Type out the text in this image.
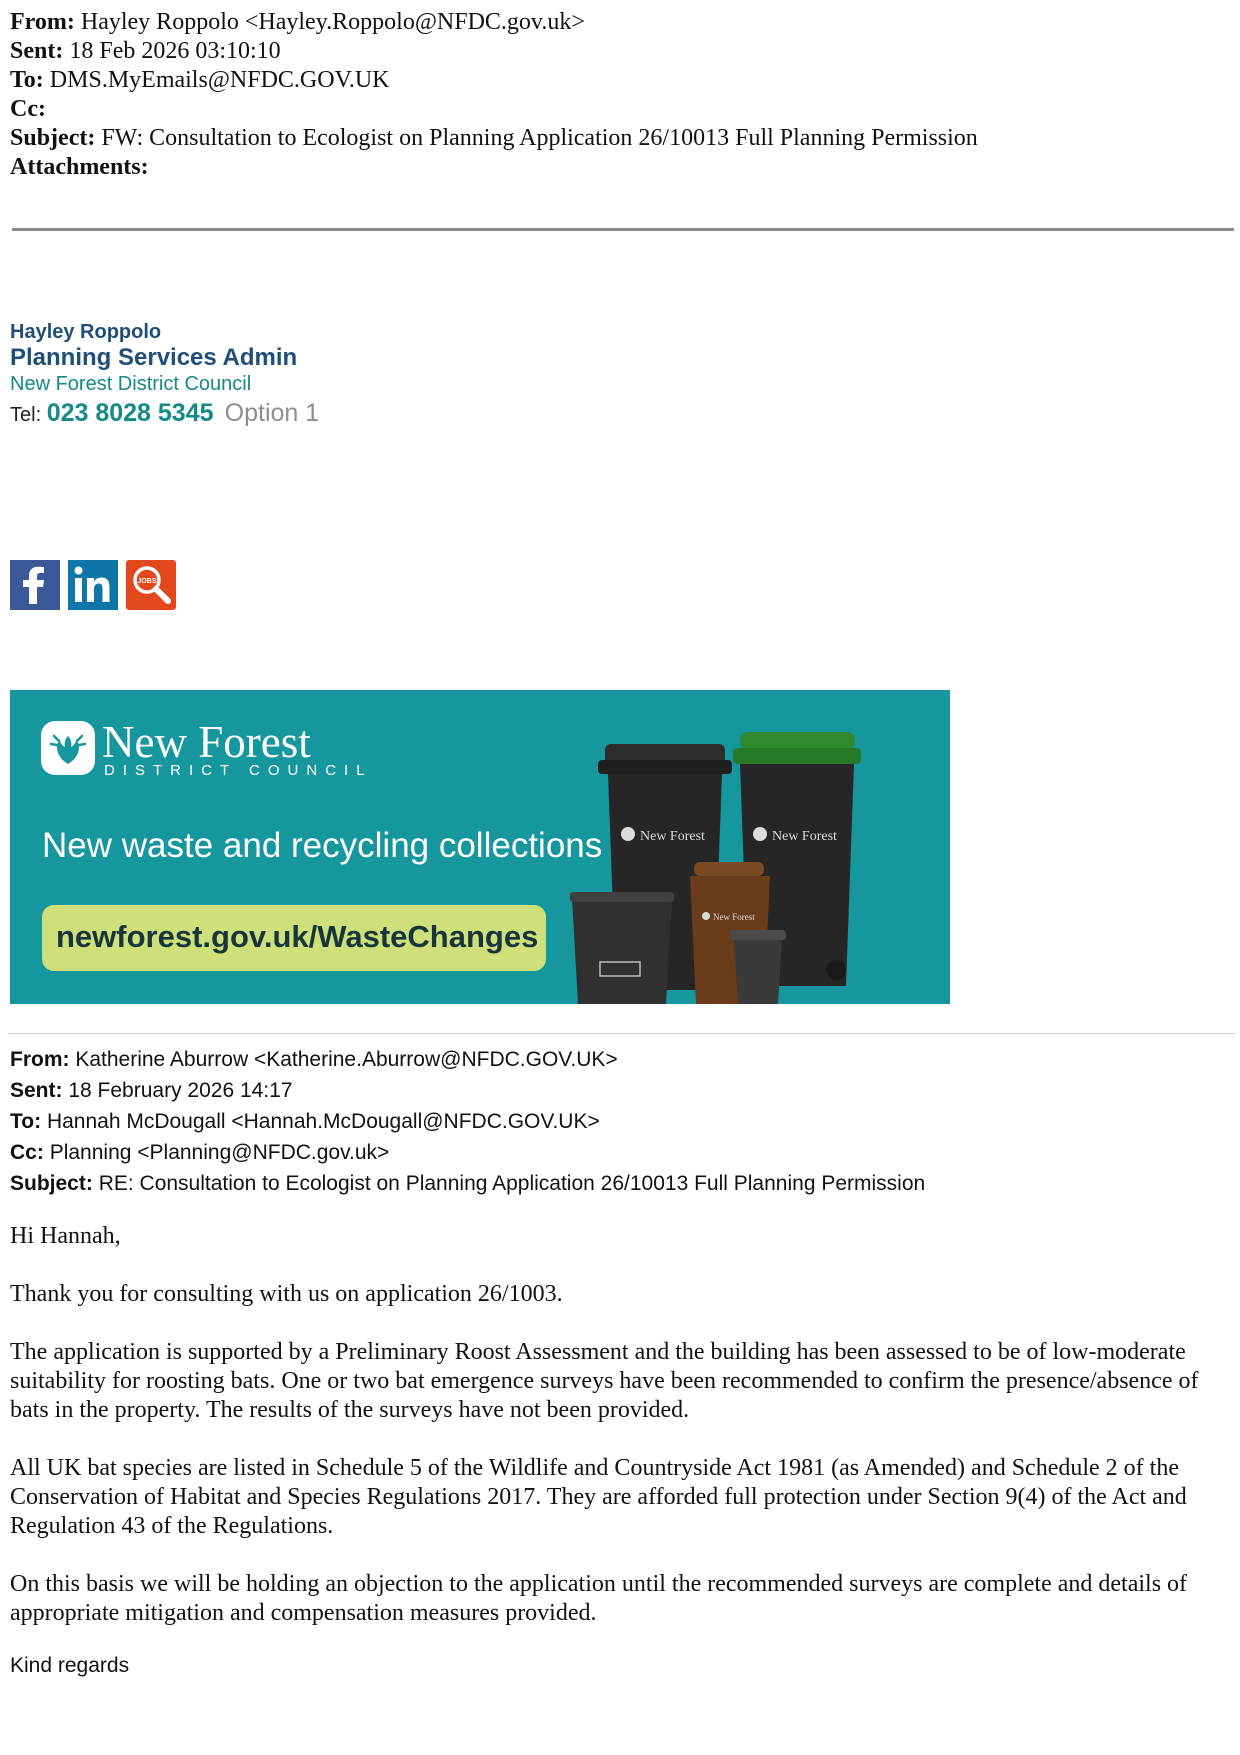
From: Hayley Roppolo <Hayley.Roppolo@NFDC.gov.uk>
Sent: 18 Feb 2026 03:10:10
To: DMS.MyEmails@NFDC.GOV.UK
Cc:
Subject: FW: Consultation to Ecologist on Planning Application 26/10013 Full Planning Permission
Attachments:
Hayley Roppolo
Planning Services Admin
New Forest District Council
Tel: 023 8028 5345 Option 1
JOBS
New Forest
DISTRICT COUNCIL
New waste and recycling collections
newforest.gov.uk/WasteChanges
New Forest	New Forest
New Forest
From: Katherine Aburrow <Katherine.Aburrow@NFDC.GOV.UK>
Sent: 18 February 2026 14:17
To: Hannah McDougall <Hannah.McDougall@NFDC.GOV.UK>
Cc: Planning <Planning@NFDC.gov.uk>
Subject: RE: Consultation to Ecologist on Planning Application 26/10013 Full Planning Permission

Hi Hannah,

Thank you for consulting with us on application 26/1003.

The application is supported by a Preliminary Roost Assessment and the building has been assessed to be of low-moderate suitability for roosting bats. One or two bat emergence surveys have been recommended to confirm the presence/absence of bats in the property. The results of the surveys have not been provided.

All UK bat species are listed in Schedule 5 of the Wildlife and Countryside Act 1981 (as Amended) and Schedule 2 of the Conservation of Habitat and Species Regulations 2017. They are afforded full protection under Section 9(4) of the Act and Regulation 43 of the Regulations.

On this basis we will be holding an objection to the application until the recommended surveys are complete and details of appropriate mitigation and compensation measures provided.

Kind regards
